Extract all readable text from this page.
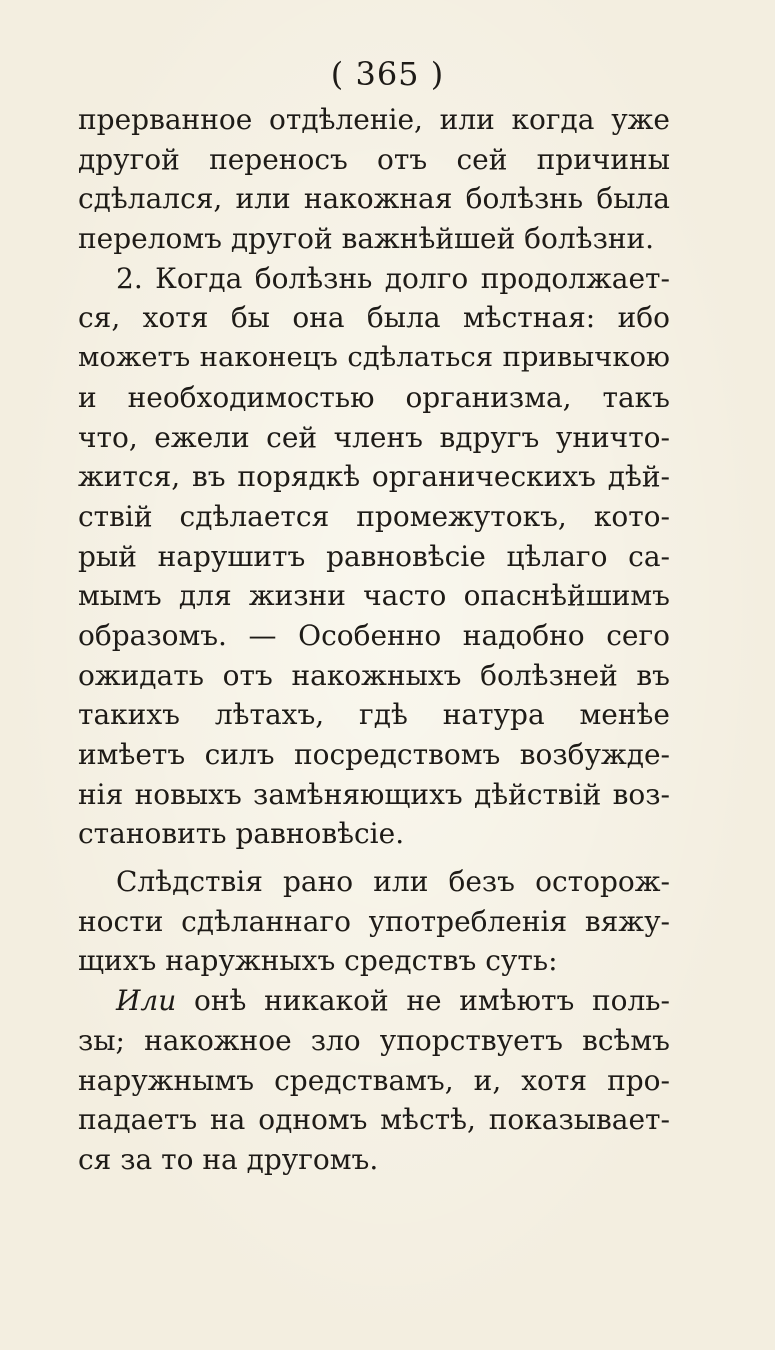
( 365 )
прерванное отдѣленіе, или когда уже
другой переносъ отъ сей причины
сдѣлался, или накожная болѣзнь была
переломъ другой важнѣйшей болѣзни.
2. Когда болѣзнь долго продолжает-
ся, хотя бы она была мѣстная: ибо
можетъ наконецъ сдѣлаться привычкою
и необходимостью организма, такъ
что, ежели сей членъ вдругъ уничто-
жится, въ порядкѣ органическихъ дѣй-
ствій сдѣлается промежутокъ, кото-
рый нарушитъ равновѣсіе цѣлаго са-
мымъ для жизни часто опаснѣйшимъ
образомъ. — Особенно надобно сего
ожидать отъ накожныхъ болѣзней въ
такихъ лѣтахъ, гдѣ натура менѣе
имѣетъ силъ посредствомъ возбужде-
нія новыхъ замѣняющихъ дѣйствій воз-
становить равновѣсіе.
Слѣдствія рано или безъ осторож-
ности сдѣланнаго употребленія вяжу-
щихъ наружныхъ средствъ суть:
Или онѣ никакой не имѣютъ поль-
зы; накожное зло упорствуетъ всѣмъ
наружнымъ средствамъ, и, хотя про-
падаетъ на одномъ мѣстѣ, показывает-
ся за то на другомъ.
